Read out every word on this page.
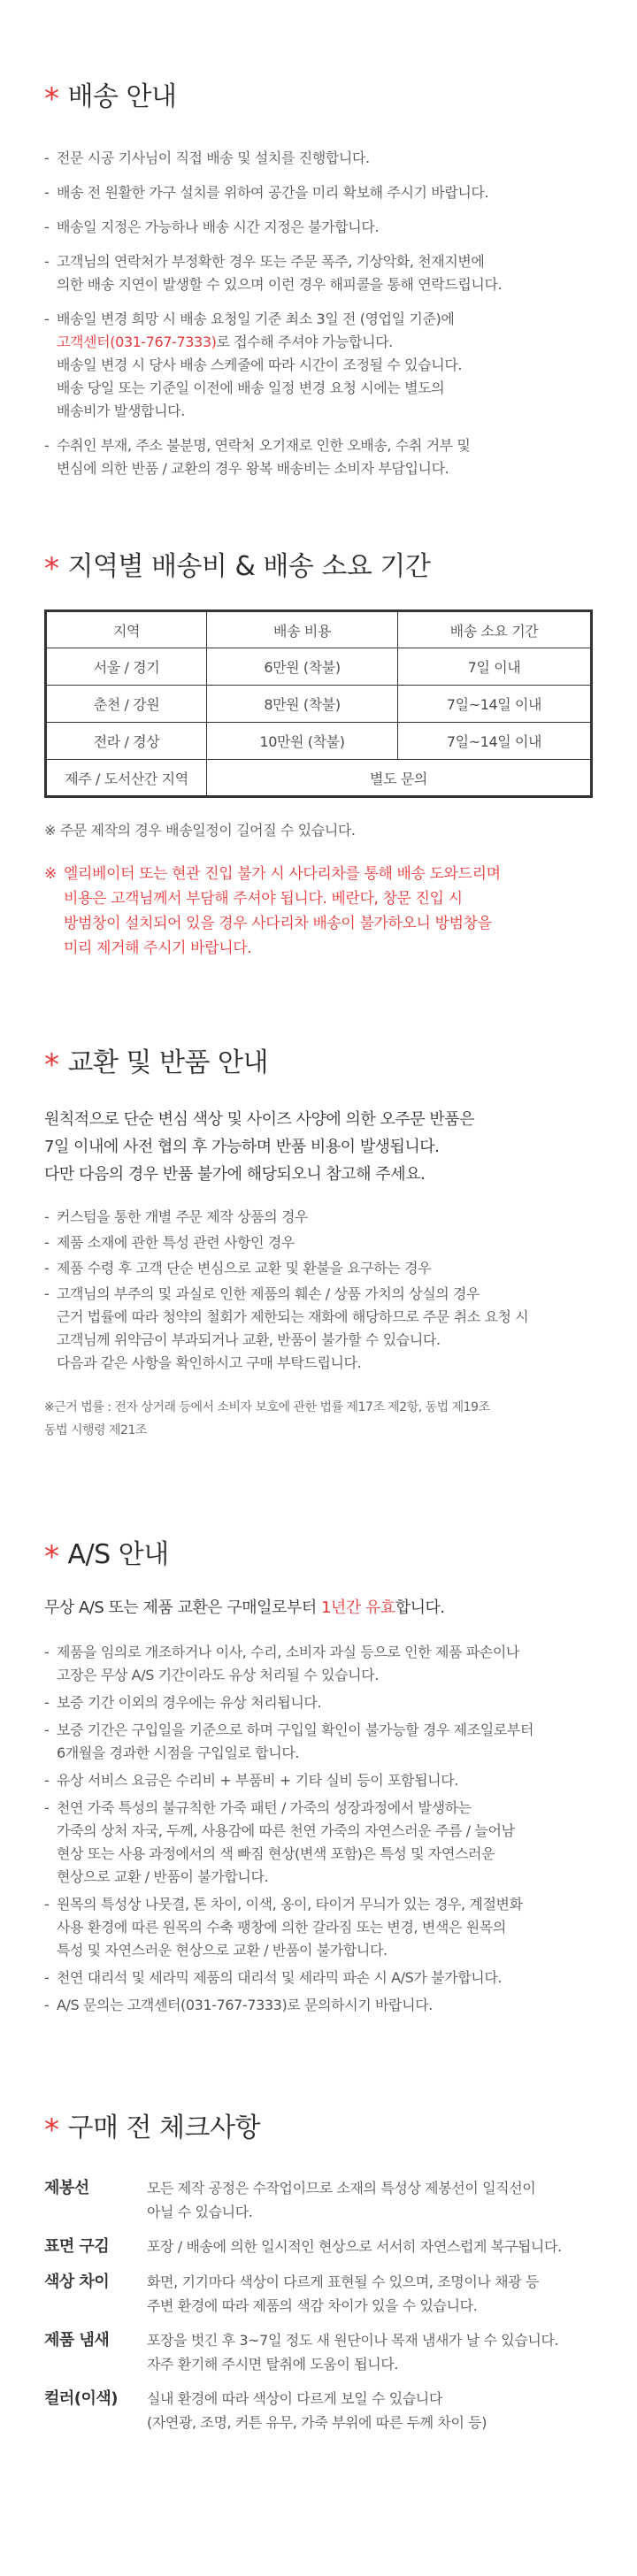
* 배송 안내
- 전문 시공 기사님이 직접 배송 및 설치를 진행합니다.
- 배송 전 원활한 가구 설치를 위하여 공간을 미리 확보해 주시기 바랍니다.
- 배송일 지정은 가능하나 배송 시간 지정은 불가합니다.
- 고객님의 연락처가 부정확한 경우 또는 주문 폭주, 기상악화, 천재지변에
의한 배송 지연이 발생할 수 있으며 이런 경우 해피콜을 통해 연락드립니다.
- 배송일 변경 희망 시 배송 요청일 기준 최소 3일 전 (영업일 기준)에
고객센터(031-767-7333)로 접수해 주셔야 가능합니다.
배송일 변경 시 당사 배송 스케줄에 따라 시간이 조정될 수 있습니다.
배송 당일 또는 기준일 이전에 배송 일정 변경 요청 시에는 별도의
배송비가 발생합니다.
- 수취인 부재, 주소 불분명, 연락처 오기재로 인한 오배송, 수취 거부 및
변심에 의한 반품 / 교환의 경우 왕복 배송비는 소비자 부담입니다.
* 지역별 배송비 & 배송 소요 기간
지역	배송 비용	배송 소요 기간
서울 / 경기	6만원 (착불)	7일 이내
춘천 / 강원	8만원 (착불)	7일~14일 이내
전라 / 경상	10만원 (착불)	7일~14일 이내
제주 / 도서산간 지역	별도 문의	

※ 주문 제작의 경우 배송일정이 길어질 수 있습니다.

※ 엘리베이터 또는 현관 진입 불가 시 사다리차를 통해 배송 도와드리며
비용은 고객님께서 부담해 주셔야 됩니다. 베란다, 창문 진입 시
방범창이 설치되어 있을 경우 사다리차 배송이 불가하오니 방범창을
미리 제거해 주시기 바랍니다.

* 교환 및 반품 안내

원칙적으로 단순 변심 색상 및 사이즈 사양에 의한 오주문 반품은
7일 이내에 사전 협의 후 가능하며 반품 비용이 발생됩니다.
다만 다음의 경우 반품 불가에 해당되오니 참고해 주세요.

- 커스텀을 통한 개별 주문 제작 상품의 경우
- 제품 소재에 관한 특성 관련 사항인 경우
- 제품 수령 후 고객 단순 변심으로 교환 및 환불을 요구하는 경우
- 고객님의 부주의 및 과실로 인한 제품의 훼손 / 상품 가치의 상실의 경우
근거 법률에 따라 청약의 철회가 제한되는 재화에 해당하므로 주문 취소 요청 시
고객님께 위약금이 부과되거나 교환, 반품이 불가할 수 있습니다.
다음과 같은 사항을 확인하시고 구매 부탁드립니다.

※근거 법률 : 전자 상거래 등에서 소비자 보호에 관한 법률 제17조 제2항, 동법 제19조
동법 시행령 제21조

* A/S 안내

무상 A/S 또는 제품 교환은 구매일로부터 1년간 유효합니다.

- 제품을 임의로 개조하거나 이사, 수리, 소비자 과실 등으로 인한 제품 파손이나
고장은 무상 A/S 기간이라도 유상 처리될 수 있습니다.
- 보증 기간 이외의 경우에는 유상 처리됩니다.
- 보증 기간은 구입일을 기준으로 하며 구입일 확인이 불가능할 경우 제조일로부터
6개월을 경과한 시점을 구입일로 합니다.
- 유상 서비스 요금은 수리비 + 부품비 + 기타 실비 등이 포함됩니다.
- 천연 가죽 특성의 불규칙한 가죽 패턴 / 가죽의 성장과정에서 발생하는
가죽의 상처 자국, 두께, 사용감에 따른 천연 가죽의 자연스러운 주름 / 늘어남
현상 또는 사용 과정에서의 색 빠짐 현상(변색 포함)은 특성 및 자연스러운
현상으로 교환 / 반품이 불가합니다.
- 원목의 특성상 나뭇결, 톤 차이, 이색, 옹이, 타이거 무늬가 있는 경우, 계절변화
사용 환경에 따른 원목의 수축 팽창에 의한 갈라짐 또는 변경, 변색은 원목의
특성 및 자연스러운 현상으로 교환 / 반품이 불가합니다.
- 천연 대리석 및 세라믹 제품의 대리석 및 세라믹 파손 시 A/S가 불가합니다.
- A/S 문의는 고객센터(031-767-7333)로 문의하시기 바랍니다.
* 구매 전 체크사항
제봉선	모든 제작 공정은 수작업이므로 소재의 특성상 제봉선이 일직선이
아닐 수 있습니다.
표면 구김	포장 / 배송에 의한 일시적인 현상으로 서서히 자연스럽게 복구됩니다.
색상 차이	화면, 기기마다 색상이 다르게 표현될 수 있으며, 조명이나 채광 등
주변 환경에 따라 제품의 색감 차이가 있을 수 있습니다.
제품 냄새	포장을 벗긴 후 3~7일 정도 새 원단이나 목재 냄새가 날 수 있습니다.
자주 환기해 주시면 탈취에 도움이 됩니다.
컬러(이색)	실내 환경에 따라 색상이 다르게 보일 수 있습니다
(자연광, 조명, 커튼 유무, 가죽 부위에 따른 두께 차이 등)
